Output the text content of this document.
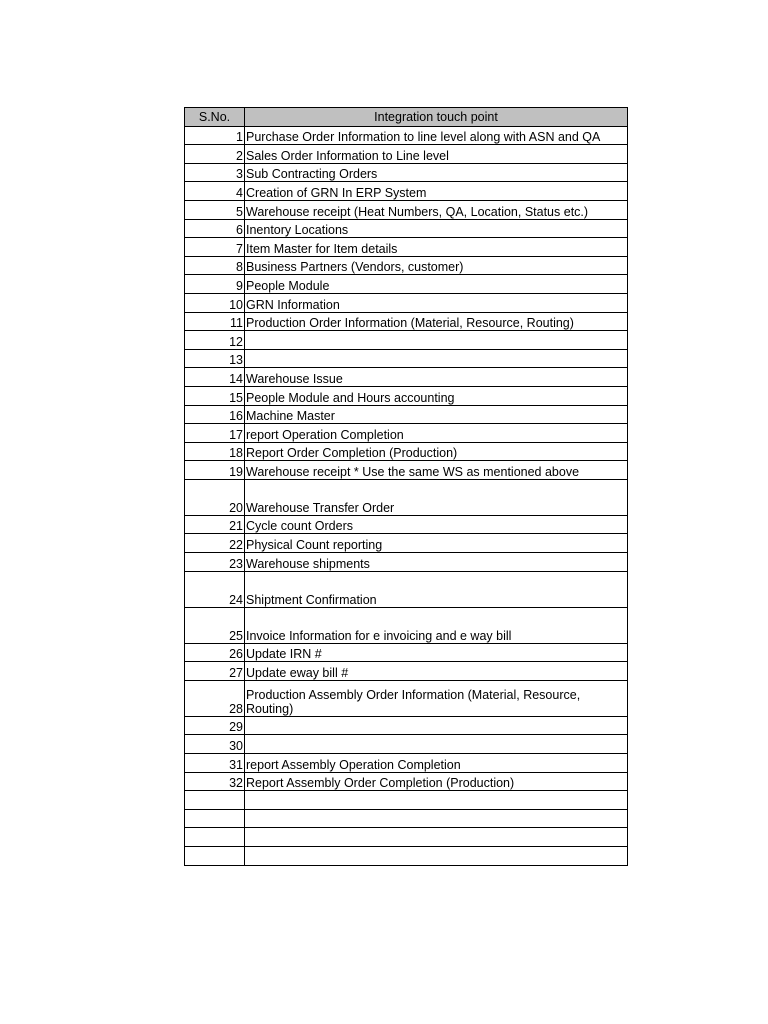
S.No.	Integration touch point
1	Purchase Order Information to line level along with ASN and QA
2	Sales Order Information to Line level
3	Sub Contracting Orders
4	Creation of GRN In ERP System
5	Warehouse receipt (Heat Numbers, QA, Location, Status etc.)
6	Inentory Locations
7	Item Master for Item details
8	Business Partners (Vendors, customer)
9	People Module
10	GRN Information
11	Production Order Information (Material, Resource, Routing)
12	
13	
14	Warehouse Issue
15	People Module and Hours accounting
16	Machine Master
17	report Operation Completion
18	Report Order Completion (Production)
19	Warehouse receipt * Use the same WS as mentioned above
20	Warehouse Transfer Order
21	Cycle count Orders
22	Physical Count reporting
23	Warehouse shipments
24	Shiptment Confirmation
25	Invoice Information for e invoicing and e way bill
26	Update IRN #
27	Update eway bill #
28	Production Assembly Order Information (Material, Resource, Routing)
29	
30	
31	report Assembly Operation Completion
32	Report Assembly Order Completion (Production)
